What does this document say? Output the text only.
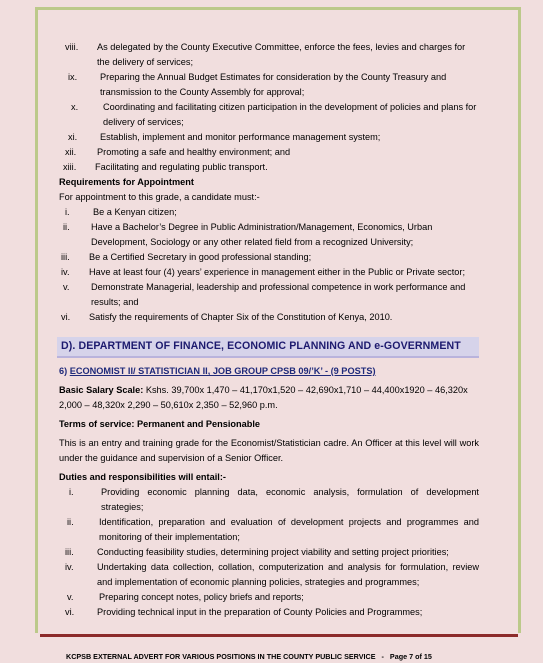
viii.	As delegated by the County Executive Committee, enforce the fees, levies and charges for the delivery of services;
ix.	Preparing the Annual Budget Estimates for consideration by the County Treasury and transmission to the County Assembly for approval;
x.	Coordinating and facilitating citizen participation in the development of policies and plans for delivery of services;
xi.	Establish, implement and monitor performance management system;
xii.	Promoting a safe and healthy environment; and
xiii.	Facilitating and regulating public transport.
Requirements for Appointment
For appointment to this grade, a candidate must:-
i.	Be a Kenyan citizen;
ii.	Have a Bachelor’s Degree in Public Administration/Management, Economics, Urban Development, Sociology or any other related field from a recognized University;
iii.	Be a Certified Secretary in good professional standing;
iv.	Have at least four (4) years’ experience in management either in the Public or Private sector;
v.	Demonstrate Managerial, leadership and professional competence in work performance and results; and
vi.	Satisfy the requirements of Chapter Six of the Constitution of Kenya, 2010.
D). DEPARTMENT OF FINANCE, ECONOMIC PLANNING AND e-GOVERNMENT
6) ECONOMIST II/ STATISTICIAN II, JOB GROUP CPSB 09/’K’ - (9 POSTS)
Basic Salary Scale: Kshs. 39,700x 1,470 – 41,170x1,520 – 42,690x1,710 – 44,400x1920 – 46,320x 2,000 – 48,320x 2,290 – 50,610x 2,350 – 52,960 p.m.
Terms of service: Permanent and Pensionable
This is an entry and training grade for the Economist/Statistician cadre. An Officer at this level will work under the guidance and supervision of a Senior Officer.
Duties and responsibilities will entail:-
i.	Providing economic planning data, economic analysis, formulation of development strategies;
ii.	Identification, preparation and evaluation of development projects and programmes and monitoring of their implementation;
iii.	Conducting feasibility studies, determining project viability and setting project priorities;
iv.	Undertaking data collection, collation, computerization and analysis for formulation, review and implementation of economic planning policies, strategies and programmes;
v.	Preparing concept notes, policy briefs and reports;
vi.	Providing technical input in the preparation of County Policies and Programmes;
KCPSB EXTERNAL ADVERT FOR VARIOUS POSITIONS IN THE COUNTY PUBLIC SERVICE - Page 7 of 15
